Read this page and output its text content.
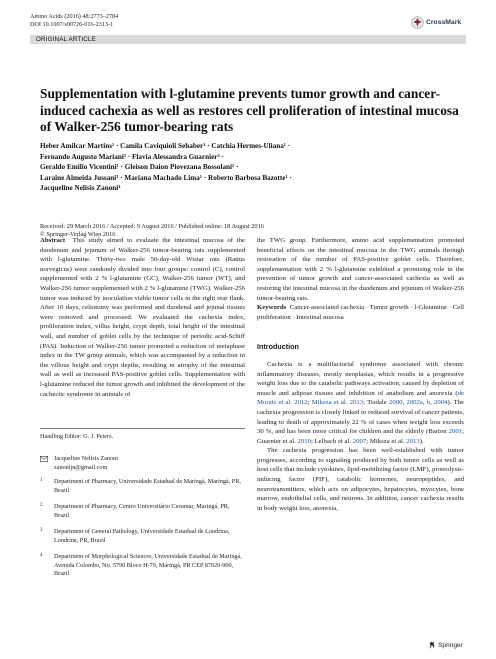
Amino Acids (2016) 48:2773–2784
DOI 10.1007/s00726-016-2313-1	CrossMark
ORIGINAL ARTICLE
Supplementation with l-glutamine prevents tumor growth and cancer-induced cachexia as well as restores cell proliferation of intestinal mucosa of Walker-256 tumor-bearing rats
Heber Amilcar Martins¹ · Camila Caviquioli Sehaber¹ · Catchia Hermes-Uliana¹ ·
Fernando Augusto Mariani² · Flavia Alessandra Guarnier³ ·
Geraldo Emilio Vicentini¹ · Gleison Daion Piovezana Bossolani¹ ·
Laraine Almeida Jussani² · Mariana Machado Lima¹ · Roberto Barbosa Bazotte¹ ·
Jacqueline Nelisis Zanoni⁴
Received: 29 March 2016 / Accepted: 9 August 2016 / Published online: 18 August 2016
© Springer-Verlag Wien 2016

Abstract This study aimed to evaluate the intestinal mucosa of the duodenum and jejunum of Walker-256 tumor-bearing rats supplemented with l-glutamine. Thirty-two male 50-day-old Wistar rats (Rattus norvegicus) were randomly divided into four groups: control (C), control supplemented with 2 % l-glutamine (GC), Walker-256 tumor (WT), and Walker-256 tumor supplemented with 2 % l-glutamine (TWG). Walker-256 tumor was induced by inoculation viable tumor cells in the right rear flank. After 10 days, celiotomy was performed and duodenal and jejunal tissues were removed and processed. We evaluated the cachexia index, proliferation index, villus height, crypt depth, total height of the intestinal wall, and number of goblet cells by the technique of periodic acid-Schiff (PAS). Induction of Walker-256 tumor promoted a reduction of metaphase index in the TW group animals, which was accompanied by a reduction in the villous height and crypt depths, resulting in atrophy of the intestinal wall as well as increased PAS-positive goblet cells. Supplementation with l-glutamine reduced the tumor growth and inhibited the development of the cachectic syndrome in animals of

Handling Editor: G. J. Peters.
Jacqueline Nelisis Zanoni
zanonijn@gmail.com
1 Department of Pharmacy, Universidade Estadual de Maringá, Maringá, PR, Brazil
2 Department of Pharmacy, Centro Universitário Cesumar, Maringá, PR, Brazil
3 Department of General Pathology, Universidade Estadual de Londrina, Londrina, PR, Brazil
4 Department of Morphological Sciences, Universidade Estadual de Maringá, Avenida Colombo, No. 5790 Bloco H-79, Maringá, PR CEP 87020-900, Brazil

the TWG group. Furthermore, amino acid supplementation promoted beneficial effects on the intestinal mucosa in the TWG animals through restoration of the number of PAS-positive goblet cells. Therefore, supplementation with 2 % l-glutamine exhibited a promising role in the prevention of tumor growth and cancer-associated cachexia as well as restoring the intestinal mucosa in the duodenum and jejunum of Walker-256 tumor-bearing rats.

Keywords Cancer-associated cachexia · Tumor growth · l-Glutamine · Cell proliferation · Intestinal mucosa

Introduction

Cachexia is a multifactorial syndrome associated with chronic inflammatory diseases, mostly neoplasias, which results in a progressive weight loss due to the catabolic pathways activation, caused by depletion of muscle and adipose tissues and inhibition of anabolism and anorexia (de Morais et al. 2012; Miksza et al. 2013; Tisdale 2000, 2002a, b, 2004). The cachexia progression is closely linked to reduced survival of cancer patients, leading to death of approximately 22 % of cases when weight loss exceeds 30 %, and has been more critical for children and the elderly (Barton 2001; Guarnier et al. 2010; Lelbach et al. 2007; Miksza et al. 2013).

The cachexia progression has been well-established with tumor progresses, according to signaling produced by both tumor cells as well as host cells that include cytokines, lipid-mobilizing factor (LMF), proteolysis-inducing factor (PIF), catabolic hormones, neuropeptides, and neurotransmitters, which acts on adipocytes, hepatocytes, myocytes, bone marrow, endothelial cells, and neurons. In addition, cancer cachexia results in body weight loss, anorexia,

Springer
